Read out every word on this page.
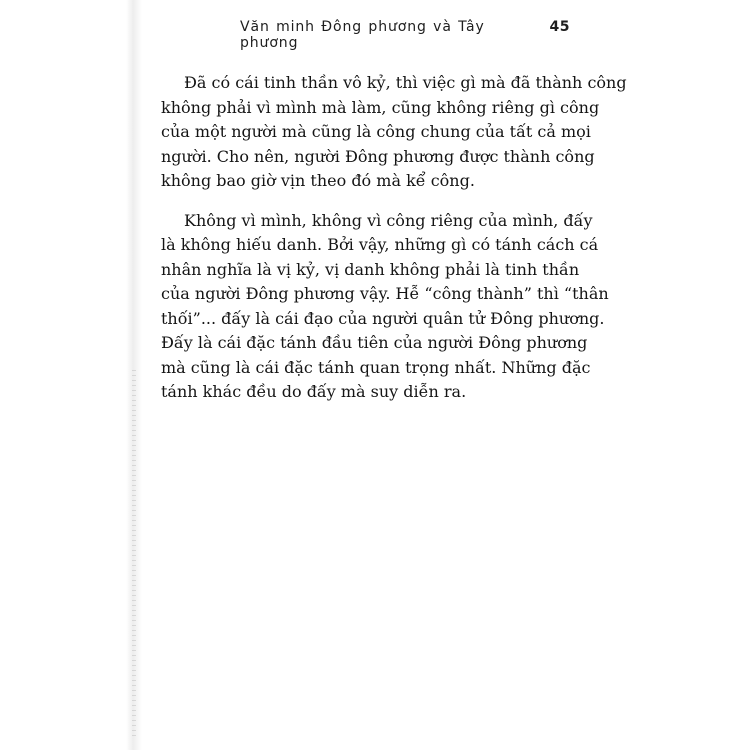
Văn minh Đông phương và Tây phương
45

Đã có cái tinh thần vô kỷ, thì việc gì mà đã thành công
không phải vì mình mà làm, cũng không riêng gì công
của một người mà cũng là công chung của tất cả mọi
người. Cho nên, người Đông phương được thành công
không bao giờ vịn theo đó mà kể công.

Không vì mình, không vì công riêng của mình, đấy
là không hiếu danh. Bởi vậy, những gì có tánh cách cá
nhân nghĩa là vị kỷ, vị danh không phải là tinh thần
của người Đông phương vậy. Hễ “công thành” thì “thân
thối”... đấy là cái đạo của người quân tử Đông phương.
Đấy là cái đặc tánh đầu tiên của người Đông phương
mà cũng là cái đặc tánh quan trọng nhất. Những đặc
tánh khác đều do đấy mà suy diễn ra.
